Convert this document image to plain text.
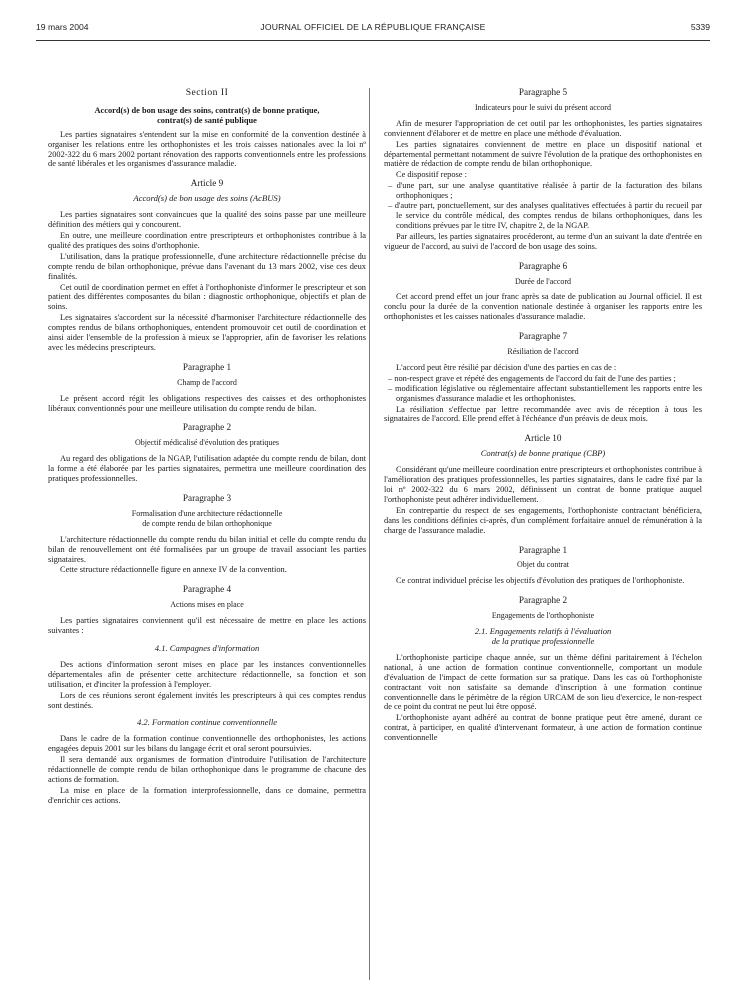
19 mars 2004	JOURNAL OFFICIEL DE LA RÉPUBLIQUE FRANÇAISE	5339
Section II
Accord(s) de bon usage des soins, contrat(s) de bonne pratique,
contrat(s) de santé publique

Les parties signataires s'entendent sur la mise en conformité de la convention destinée à organiser les relations entre les orthophonistes et les trois caisses nationales avec la loi nº 2002-322 du 6 mars 2002 portant rénovation des rapports conventionnels entre les professions de santé libérales et les organismes d'assurance maladie.

Article 9
Accord(s) de bon usage des soins (AcBUS)

Les parties signataires sont convaincues que la qualité des soins passe par une meilleure définition des métiers qui y concourent.

En outre, une meilleure coordination entre prescripteurs et orthophonistes contribue à la qualité des pratiques des soins d'orthophonie.

L'utilisation, dans la pratique professionnelle, d'une architecture rédactionnelle précise du compte rendu de bilan orthophonique, prévue dans l'avenant du 13 mars 2002, vise ces deux finalités.

Cet outil de coordination permet en effet à l'orthophoniste d'informer le prescripteur et son patient des différentes composantes du bilan : diagnostic orthophonique, objectifs et plan de soins.

Les signataires s'accordent sur la nécessité d'harmoniser l'architecture rédactionnelle des comptes rendus de bilans orthophoniques, entendent promouvoir cet outil de coordination et ainsi aider l'ensemble de la profession à mieux se l'approprier, afin de favoriser les relations avec les médecins prescripteurs.

Paragraphe 1
Champ de l'accord

Le présent accord régit les obligations respectives des caisses et des orthophonistes libéraux conventionnés pour une meilleure utilisation du compte rendu de bilan.

Paragraphe 2
Objectif médicalisé d'évolution des pratiques

Au regard des obligations de la NGAP, l'utilisation adaptée du compte rendu de bilan, dont la forme a été élaborée par les parties signataires, permettra une meilleure coordination des pratiques professionnelles.

Paragraphe 3
Formalisation d'une architecture rédactionnelle
de compte rendu de bilan orthophonique

L'architecture rédactionnelle du compte rendu du bilan initial et celle du compte rendu du bilan de renouvellement ont été formalisées par un groupe de travail associant les parties signataires.

Cette structure rédactionnelle figure en annexe IV de la convention.

Paragraphe 4
Actions mises en place

Les parties signataires conviennent qu'il est nécessaire de mettre en place les actions suivantes :

4.1. Campagnes d'information

Des actions d'information seront mises en place par les instances conventionnelles départementales afin de présenter cette architecture rédactionnelle, sa fonction et son utilisation, et d'inciter la profession à l'employer.

Lors de ces réunions seront également invités les prescripteurs à qui ces comptes rendus sont destinés.

4.2. Formation continue conventionnelle

Dans le cadre de la formation continue conventionnelle des orthophonistes, les actions engagées depuis 2001 sur les bilans du langage écrit et oral seront poursuivies.

Il sera demandé aux organismes de formation d'introduire l'utilisation de l'architecture rédactionnelle de compte rendu de bilan orthophonique dans le programme de chacune des actions de formation.

La mise en place de la formation interprofessionnelle, dans ce domaine, permettra d'enrichir ces actions.

Paragraphe 5
Indicateurs pour le suivi du présent accord

Afin de mesurer l'appropriation de cet outil par les orthophonistes, les parties signataires conviennent d'élaborer et de mettre en place une méthode d'évaluation.

Les parties signataires conviennent de mettre en place un dispositif national et départemental permettant notamment de suivre l'évolution de la pratique des orthophonistes en matière de rédaction de compte rendu de bilan orthophonique.

Ce dispositif repose :

– d'une part, sur une analyse quantitative réalisée à partir de la facturation des bilans orthophoniques ;
– d'autre part, ponctuellement, sur des analyses qualitatives effectuées à partir du recueil par le service du contrôle médical, des comptes rendus de bilans orthophoniques, dans les conditions prévues par le titre IV, chapitre 2, de la NGAP.

Par ailleurs, les parties signataires procéderont, au terme d'un an suivant la date d'entrée en vigueur de l'accord, au suivi de l'accord de bon usage des soins.

Paragraphe 6
Durée de l'accord

Cet accord prend effet un jour franc après sa date de publication au Journal officiel. Il est conclu pour la durée de la convention nationale destinée à organiser les rapports entre les orthophonistes et les caisses nationales d'assurance maladie.

Paragraphe 7
Résiliation de l'accord

L'accord peut être résilié par décision d'une des parties en cas de :

– non-respect grave et répété des engagements de l'accord du fait de l'une des parties ;
– modification législative ou réglementaire affectant substantiellement les rapports entre les organismes d'assurance maladie et les orthophonistes.

La résiliation s'effectue par lettre recommandée avec avis de réception à tous les signataires de l'accord. Elle prend effet à l'échéance d'un préavis de deux mois.

Article 10
Contrat(s) de bonne pratique (CBP)

Considérant qu'une meilleure coordination entre prescripteurs et orthophonistes contribue à l'amélioration des pratiques professionnelles, les parties signataires, dans le cadre fixé par la loi nº 2002-322 du 6 mars 2002, définissent un contrat de bonne pratique auquel l'orthophoniste peut adhérer individuellement.

En contrepartie du respect de ses engagements, l'orthophoniste contractant bénéficiera, dans les conditions définies ci-après, d'un complément forfaitaire annuel de rémunération à la charge de l'assurance maladie.

Paragraphe 1
Objet du contrat

Ce contrat individuel précise les objectifs d'évolution des pratiques de l'orthophoniste.

Paragraphe 2
Engagements de l'orthophoniste
2.1. Engagements relatifs à l'évaluation
de la pratique professionnelle

L'orthophoniste participe chaque année, sur un thème défini paritairement à l'échelon national, à une action de formation continue conventionnelle, comportant un module d'évaluation de l'impact de cette formation sur sa pratique. Dans les cas où l'orthophoniste contractant voit non satisfaite sa demande d'inscription à une formation continue conventionnelle dans le périmètre de la région URCAM de son lieu d'exercice, le non-respect de ce point du contrat ne peut lui être opposé.

L'orthophoniste ayant adhéré au contrat de bonne pratique peut être amené, durant ce contrat, à participer, en qualité d'intervenant formateur, à une action de formation continue conventionnelle
